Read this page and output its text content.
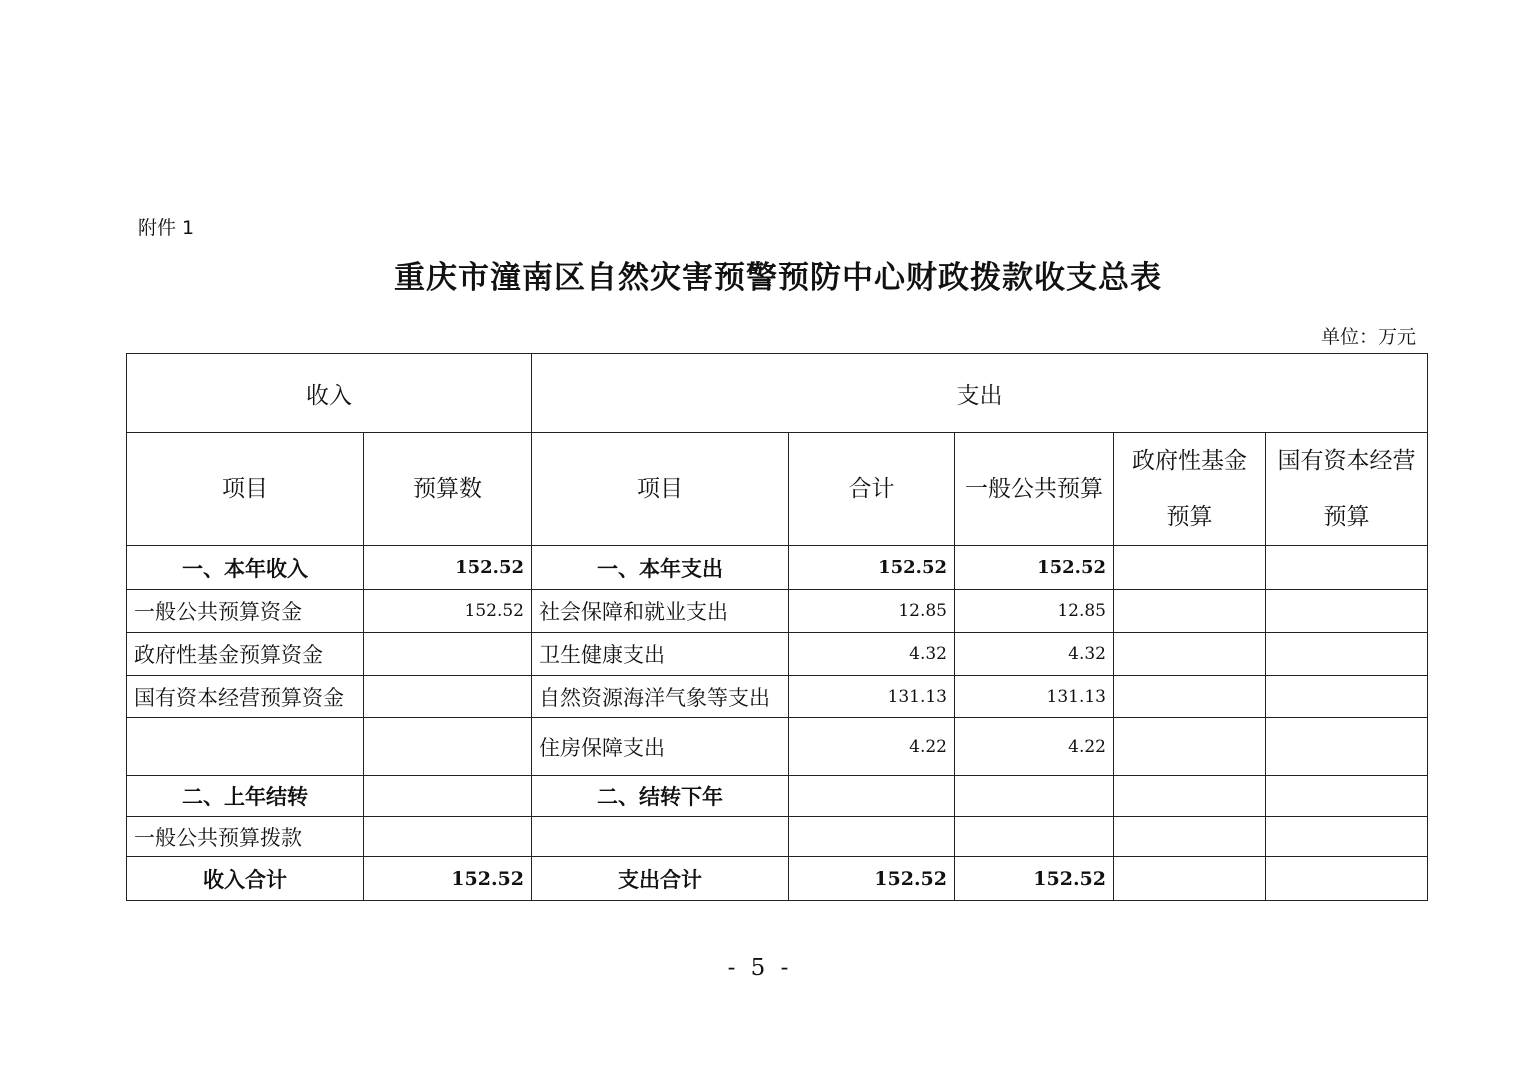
附件 1
重庆市潼南区自然灾害预警预防中心财政拨款收支总表
单位：万元
收入		支出				
项目	预算数	项目	合计	一般公共预算	政府性基金预算	国有资本经营预算
一、本年收入	152.52	一、本年支出	152.52	152.52		
一般公共预算资金	152.52	社会保障和就业支出	12.85	12.85		
政府性基金预算资金		卫生健康支出	4.32	4.32		
国有资本经营预算资金		自然资源海洋气象等支出	131.13	131.13		
		住房保障支出	4.22	4.22		
二、上年结转		二、结转下年				
一般公共预算拨款						
收入合计	152.52	支出合计	152.52	152.52		
- 5 -
